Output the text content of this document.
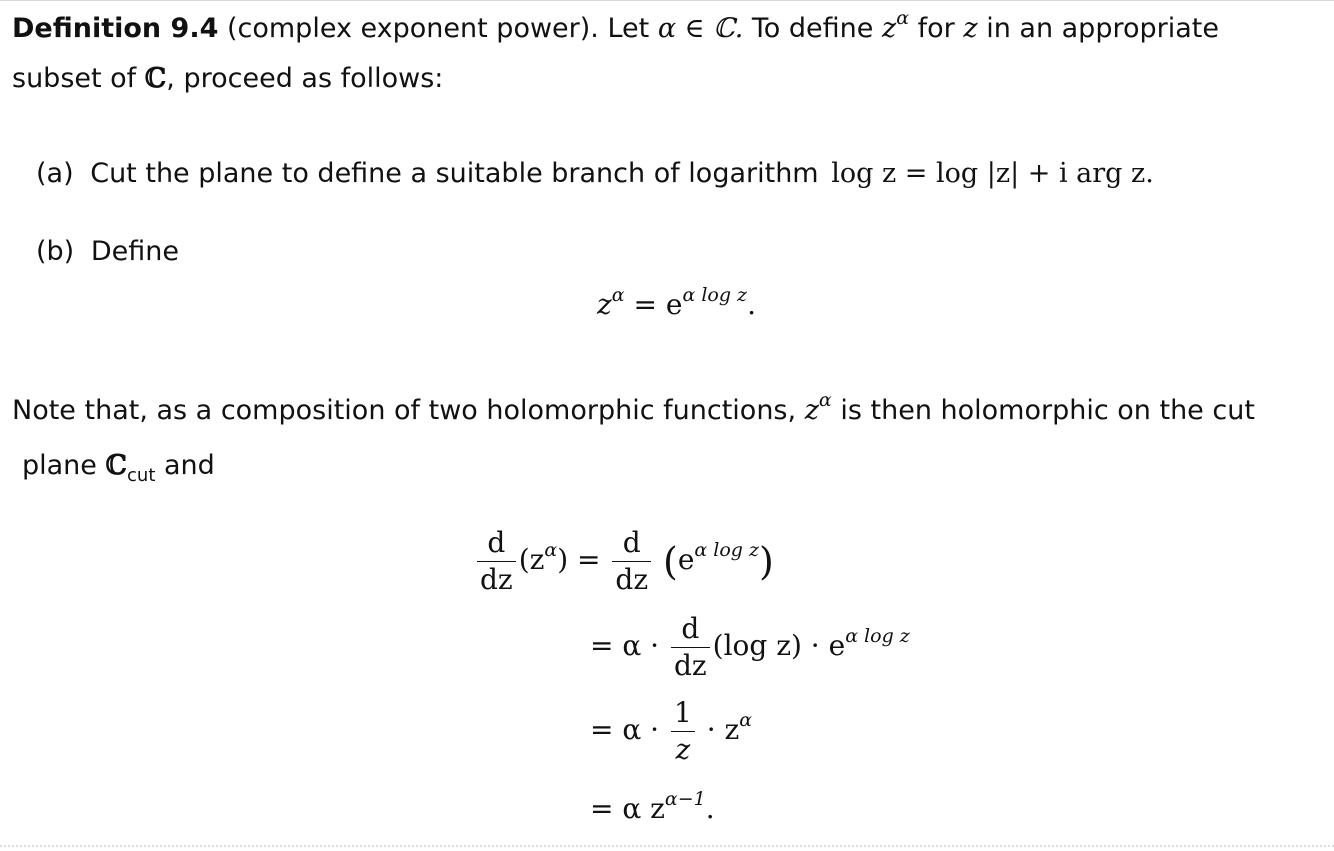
Definition 9.4 (complex exponent power). Let α ∈ ℂ. To define $z^\alpha$ for z in an appropriate
subset of ℂ, proceed as follows:
(a) Cut the plane to define a suitable branch of logarithm log z = log |z| + i arg z.
(b) Define
$z^\alpha = e^{\alpha log z}$.
Note that, as a composition of two holomorphic functions, $z^\alpha$ is then holomorphic on the cut
plane ℂ$_{cut}$ and
$\frac{d}{dz} (z^\alpha) = \frac{d}{dz} (e^{\alpha log z})$
= $\alpha \cdot \frac{d}{dz} (\log$ $z) \cdot e^{\alpha log z}$
= $\alpha \cdot \frac{1}{z} \cdot z^\alpha$
= α $z^{\alpha-1}$.
